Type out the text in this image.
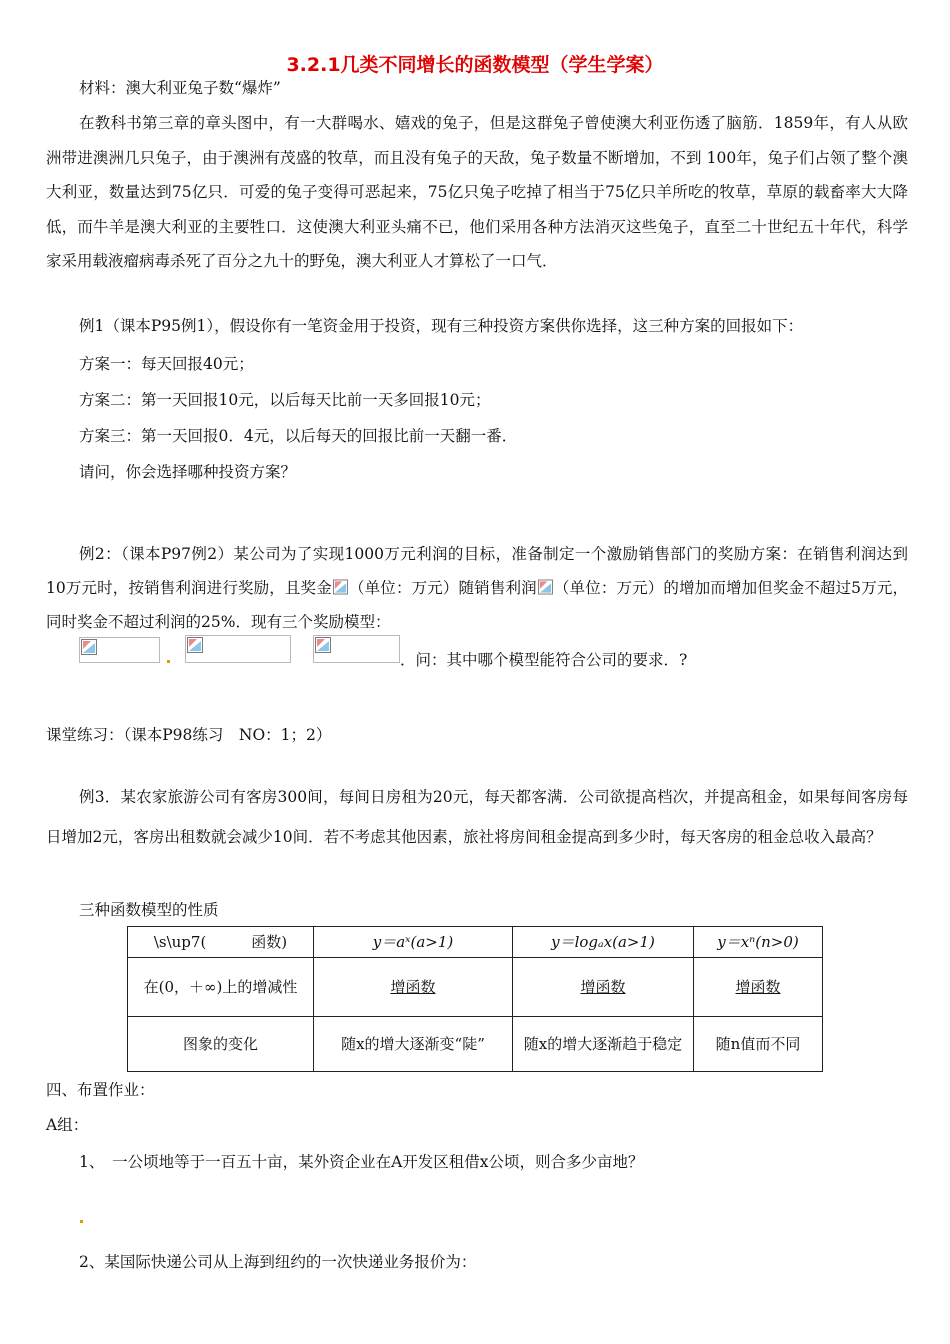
3.2.1几类不同增长的函数模型（学生学案）
材料：澳大利亚兔子数“爆炸”
在教科书第三章的章头图中，有一大群喝水、嬉戏的兔子，但是这群兔子曾使澳大利亚伤透了脑筋．1859年，有人从欧洲带进澳洲几只兔子，由于澳洲有茂盛的牧草，而且没有兔子的天敌，兔子数量不断增加，不到 100年，兔子们占领了整个澳大利亚，数量达到75亿只．可爱的兔子变得可恶起来，75亿只兔子吃掉了相当于75亿只羊所吃的牧草，草原的载畜率大大降低，而牛羊是澳大利亚的主要牲口．这使澳大利亚头痛不已，他们采用各种方法消灭这些兔子，直至二十世纪五十年代，科学家采用载液瘤病毒杀死了百分之九十的野兔，澳大利亚人才算松了一口气．
例1（课本P95例1），假设你有一笔资金用于投资，现有三种投资方案供你选择，这三种方案的回报如下：
方案一：每天回报40元；
方案二：第一天回报10元，以后每天比前一天多回报10元；
方案三：第一天回报0．4元，以后每天的回报比前一天翻一番．
请问，你会选择哪种投资方案？
例2：（课本P97例2）某公司为了实现1000万元利润的目标，准备制定一个激励销售部门的奖励方案：在销售利润达到10万元时，按销售利润进行奖励，且奖金 （单位：万元）随销售利润 （单位：万元）的增加而增加但奖金不超过5万元，同时奖金不超过利润的25%．现有三个奖励模型：
．问：其中哪个模型能符合公司的要求．?
课堂练习：（课本P98练习　NO：1；2）
例3．某农家旅游公司有客房300间，每间日房租为20元，每天都客满．公司欲提高档次，并提高租金，如果每间客房每日增加2元，客房出租数就会减少10间．若不考虑其他因素，旅社将房间租金提高到多少时，每天客房的租金总收入最高？
三种函数模型的性质
\s\up7(　　　函数)	y＝aˣ(a>1)	y＝logₐx(a>1)	y＝xⁿ(n>0)
在(0，＋∞)上的增减性	增函数	增函数	增函数
图象的变化	随x的增大逐渐变“陡”	随x的增大逐渐趋于稳定	随n值而不同
四、布置作业：
A组：
1、　一公顷地等于一百五十亩，某外资企业在A开发区租借x公顷，则合多少亩地？
2、某国际快递公司从上海到纽约的一次快递业务报价为：
